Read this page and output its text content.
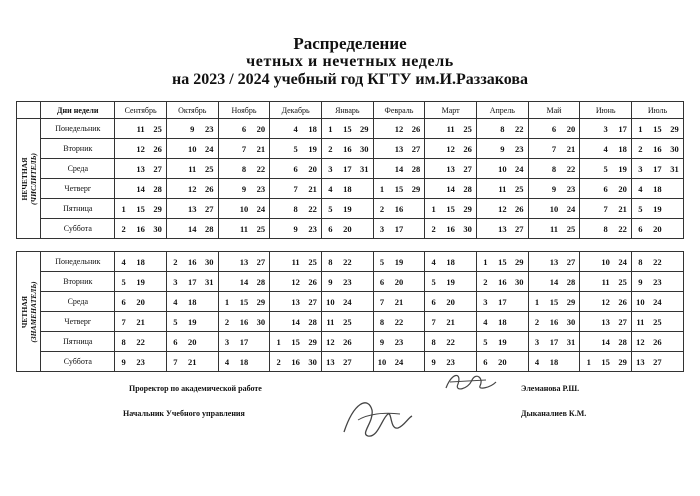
Распределение
четных и нечетных недель
на 2023 / 2024 учебный год КГТУ им.И.Раззакова
	Дни недели	Сентябрь			Октябрь			Ноябрь			Декабрь			Январь			Февраль			Март			Апрель			Май			Июнь			Июль		

НЕЧЕТНАЯ (ЧИСЛИТЕЛЬ)	Понедельник		11	25		9	23		6	20		4	18	1	15	29		12	26		11	25		8	22		6	20		3	17	1	15	29
	Вторник		12	26		10	24		7	21		5	19	2	16	30		13	27		12	26		9	23		7	21		4	18	2	16	30
	Среда		13	27		11	25		8	22		6	20	3	17	31		14	28		13	27		10	24		8	22		5	19	3	17	31
	Четверг		14	28		12	26		9	23		7	21	4	18		1	15	29		14	28		11	25		9	23		6	20	4	18	
	Пятница	1	15	29		13	27		10	24		8	22	5	19		2	16		1	15	29		12	26		10	24		7	21	5	19	
	Суббота	2	16	30		14	28		11	25		9	23	6	20		3	17		2	16	30		13	27		11	25		8	22	6	20	

ЧЕТНАЯ (ЗНАМЕНАТЕЛЬ)	Понедельник	4	18		2	16	30		13	27		11	25	8	22		5	19		4	18		1	15	29		13	27		10	24	8	22	
	Вторник	5	19		3	17	31		14	28		12	26	9	23		6	20		5	19		2	16	30		14	28		11	25	9	23	
	Среда	6	20		4	18		1	15	29		13	27	10	24		7	21		6	20		3	17		1	15	29		12	26	10	24	
	Четверг	7	21		5	19		2	16	30		14	28	11	25		8	22		7	21		4	18		2	16	30		13	27	11	25	
	Пятница	8	22		6	20		3	17		1	15	29	12	26		9	23		8	22		5	19		3	17	31		14	28	12	26	
	Суббота	9	23		7	21		4	18		2	16	30	13	27		10	24		9	23		6	20		4	18		1	15	29	13	27	
Проректор по академической работе	Элеманова Р.Ш.
Начальник Учебного управления	Дыканалиев К.М.
